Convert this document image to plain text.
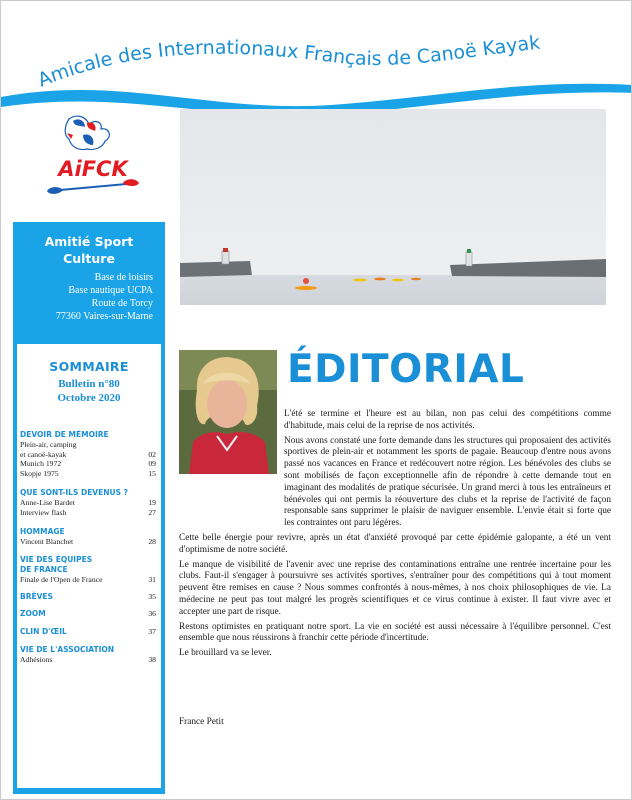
Amicale des Internationaux Français de Canoë Kayak
AiFCK
Amitié Sport
Culture
Base de loisirs
Base nautique UCPA
Route de Torcy
77360 Vaires-sur-Marne
SOMMAIRE
Bulletin n°80
Octobre 2020
DEVOIR DE MÉMOIRE
Plein-air, camping
et canoë-kayak	02
Munich 1972	09
Skopje 1975	15
QUE SONT-ILS DEVENUS ?
Anne-Lise Bardet	19
Interview flash	27
HOMMAGE
Vincent Blanchet	28
VIE DES ÉQUIPES
DE FRANCE
Finale de l'Open de France	31
BRÈVES	35
ZOOM	36
CLIN D'ŒIL	37
VIE DE L'ASSOCIATION
Adhésions	38
ÉDITORIAL

L'été se termine et l'heure est au bilan, non pas celui des compétitions comme d'habitude, mais celui de la reprise de nos activités.

Nous avons constaté une forte demande dans les structures qui proposaient des activités sportives de plein-air et notamment les sports de pagaie. Beaucoup d'entre nous avons passé nos vacances en France et redécouvert notre région. Les bénévoles des clubs se sont mobilisés de façon exceptionnelle afin de répondre à cette demande tout en imaginant des modalités de pratique sécurisée. Un grand merci à tous les entraîneurs et bénévoles qui ont permis la réouverture des clubs et la reprise de l'activité de façon responsable sans supprimer le plaisir de naviguer ensemble. L'envie était si forte que les contraintes ont paru légères.

Cette belle énergie pour revivre, après un état d'anxiété provoqué par cette épidémie galopante, a été un vent d'optimisme de notre société.

Le manque de visibilité de l'avenir avec une reprise des contaminations entraîne une rentrée incertaine pour les clubs. Faut-il s'engager à poursuivre ses activités sportives, s'entraîner pour des compétitions qui à tout moment peuvent être remises en cause ? Nous sommes confrontés à nous-mêmes, à nos choix philosophiques de vie. La médecine ne peut pas tout malgré les progrès scientifiques et ce virus continue à exister. Il faut vivre avec et accepter une part de risque.

Restons optimistes en pratiquant notre sport. La vie en société est aussi nécessaire à l'équilibre personnel. C'est ensemble que nous réussirons à franchir cette période d'incertitude.

Le brouillard va se lever.

France Petit
